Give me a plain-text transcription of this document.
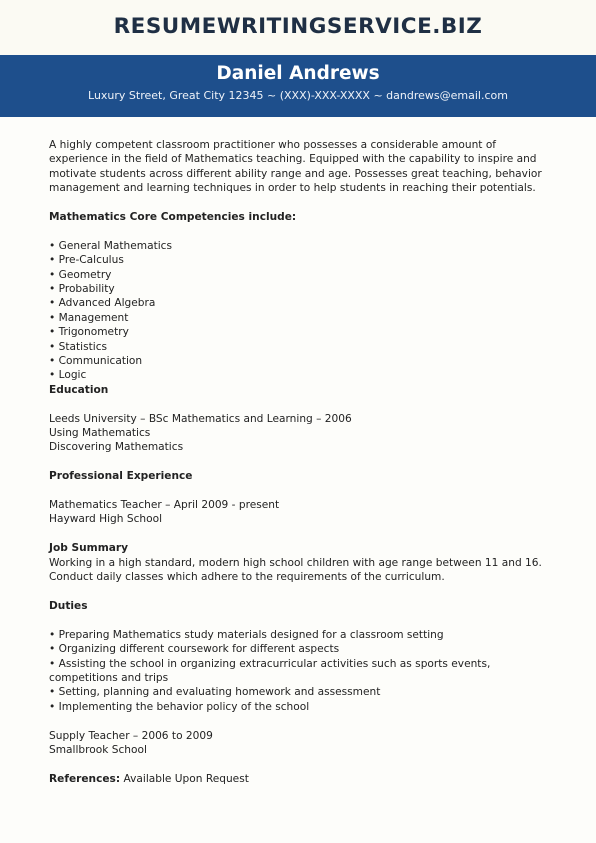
RESUMEWRITINGSERVICE.BIZ
Daniel Andrews
Luxury Street, Great City 12345 ~ (XXX)-XXX-XXXX ~ dandrews@email.com

A highly competent classroom practitioner who possesses a considerable amount of experience in the field of Mathematics teaching. Equipped with the capability to inspire and motivate students across different ability range and age. Possesses great teaching, behavior management and learning techniques in order to help students in reaching their potentials.

Mathematics Core Competencies include:

• General Mathematics
• Pre-Calculus
• Geometry
• Probability
• Advanced Algebra
• Management
• Trigonometry
• Statistics
• Communication
• Logic

Education

Leeds University – BSc Mathematics and Learning – 2006

Using Mathematics

Discovering Mathematics

Professional Experience

Mathematics Teacher – April 2009 - present

Hayward High School

Job Summary

Working in a high standard, modern high school children with age range between 11 and 16. Conduct daily classes which adhere to the requirements of the curriculum.

Duties

• Preparing Mathematics study materials designed for a classroom setting
• Organizing different coursework for different aspects
• Assisting the school in organizing extracurricular activities such as sports events, competitions and trips
• Setting, planning and evaluating homework and assessment
• Implementing the behavior policy of the school

Supply Teacher – 2006 to 2009

Smallbrook School

References: Available Upon Request
